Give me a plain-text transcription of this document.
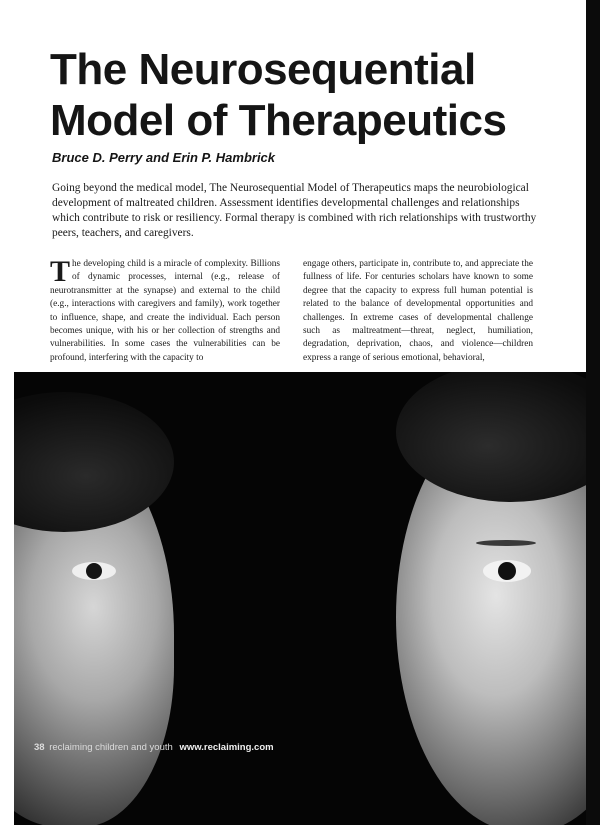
The Neurosequential
Model of Therapeutics
Bruce D. Perry and Erin P. Hambrick
Going beyond the medical model, The Neurosequential Model of Therapeutics maps the neurobiological development of maltreated children. Assessment identifies developmental challenges and relationships which contribute to risk or resiliency. Formal therapy is combined with rich relationships with trustworthy peers, teachers, and caregivers.
T he developing child is a miracle of complexity. Billions of dynamic processes, internal (e.g., release of neurotransmitter at the synapse) and external to the child (e.g., interactions with caregivers and family), work together to influence, shape, and create the individual. Each person becomes unique, with his or her collection of strengths and vulnerabilities. In some cases the vulnerabilities can be profound, interfering with the capacity to
engage others, participate in, contribute to, and appreciate the fullness of life. For centuries scholars have known to some degree that the capacity to express full human potential is related to the balance of developmental opportunities and challenges. In extreme cases of developmental challenge such as maltreatment—threat, neglect, humiliation, degradation, deprivation, chaos, and violence—children express a range of serious emotional, behavioral,
38 reclaiming children and youth www.reclaiming.com
